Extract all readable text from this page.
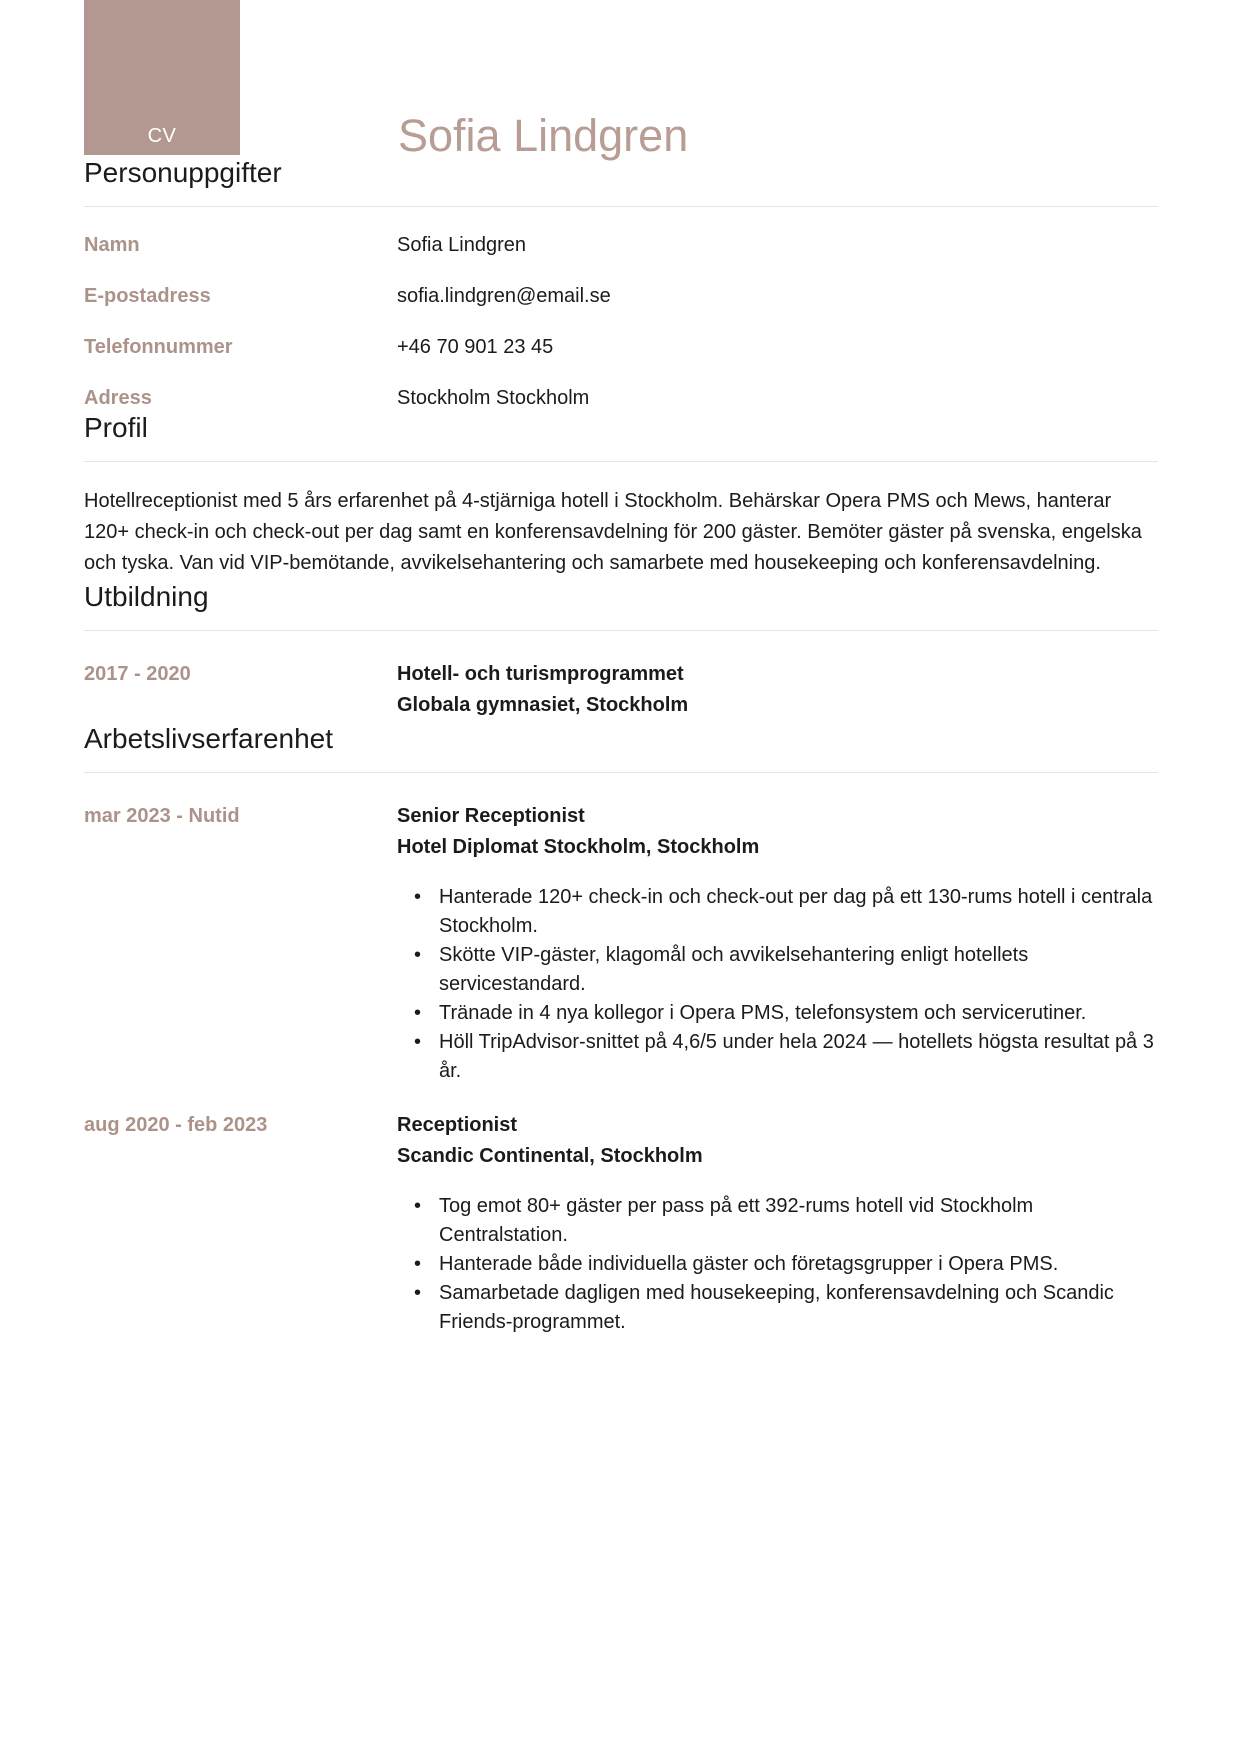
CV	Sofia Lindgren
Personuppgifter
Namn	Sofia Lindgren
E-postadress	sofia.lindgren@email.se
Telefonnummer	+46 70 901 23 45
Adress	Stockholm Stockholm
Profil

Hotellreceptionist med 5 års erfarenhet på 4-stjärniga hotell i Stockholm. Behärskar Opera PMS och Mews, hanterar 120+ check-in och check-out per dag samt en konferensavdelning för 200 gäster. Bemöter gäster på svenska, engelska och tyska. Van vid VIP-bemötande, avvikelsehantering och samarbete med housekeeping och konferensavdelning.

Utbildning
2017 - 2020	Hotell- och turismprogrammet
Globala gymnasiet, Stockholm
Arbetslivserfarenhet
mar 2023 - Nutid	Senior Receptionist
Hotel Diplomat Stockholm, Stockholm
• Hanterade 120+ check-in och check-out per dag på ett 130-rums hotell i centrala Stockholm.
• Skötte VIP-gäster, klagomål och avvikelsehantering enligt hotellets servicestandard.
• Tränade in 4 nya kollegor i Opera PMS, telefonsystem och servicerutiner.
• Höll TripAdvisor-snittet på 4,6/5 under hela 2024 — hotellets högsta resultat på 3 år.
aug 2020 - feb 2023	Receptionist
Scandic Continental, Stockholm
• Tog emot 80+ gäster per pass på ett 392-rums hotell vid Stockholm Centralstation.
• Hanterade både individuella gäster och företagsgrupper i Opera PMS.
• Samarbetade dagligen med housekeeping, konferensavdelning och Scandic Friends-programmet.
